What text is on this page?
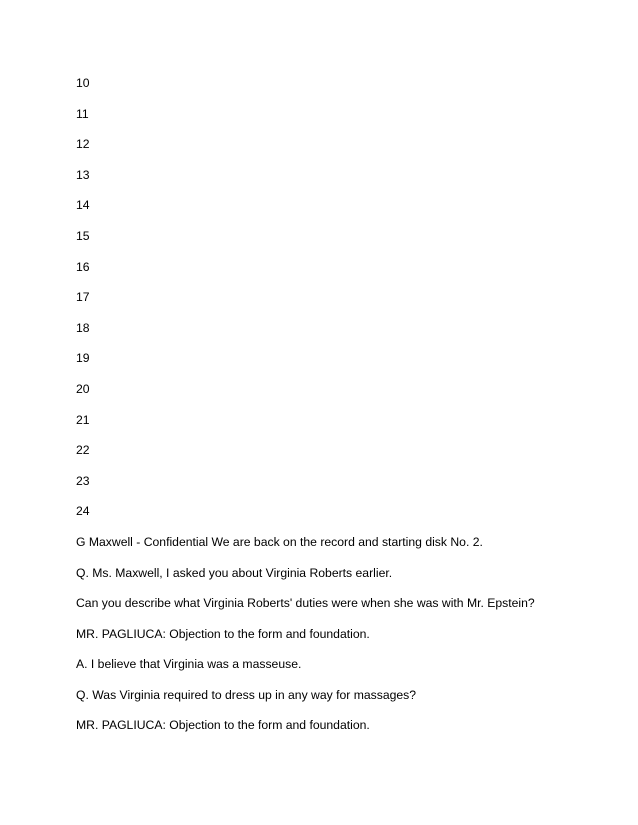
10
11
12
13
14
15
16
17
18
19
20
21
22
23
24
G Maxwell - Confidential We are back on the record and starting disk No. 2.
Q. Ms. Maxwell, I asked you about Virginia Roberts earlier.
Can you describe what Virginia Roberts' duties were when she was with Mr. Epstein?
MR. PAGLIUCA: Objection to the form and foundation.
A. I believe that Virginia was a masseuse.
Q. Was Virginia required to dress up in any way for massages?
MR. PAGLIUCA: Objection to the form and foundation.
